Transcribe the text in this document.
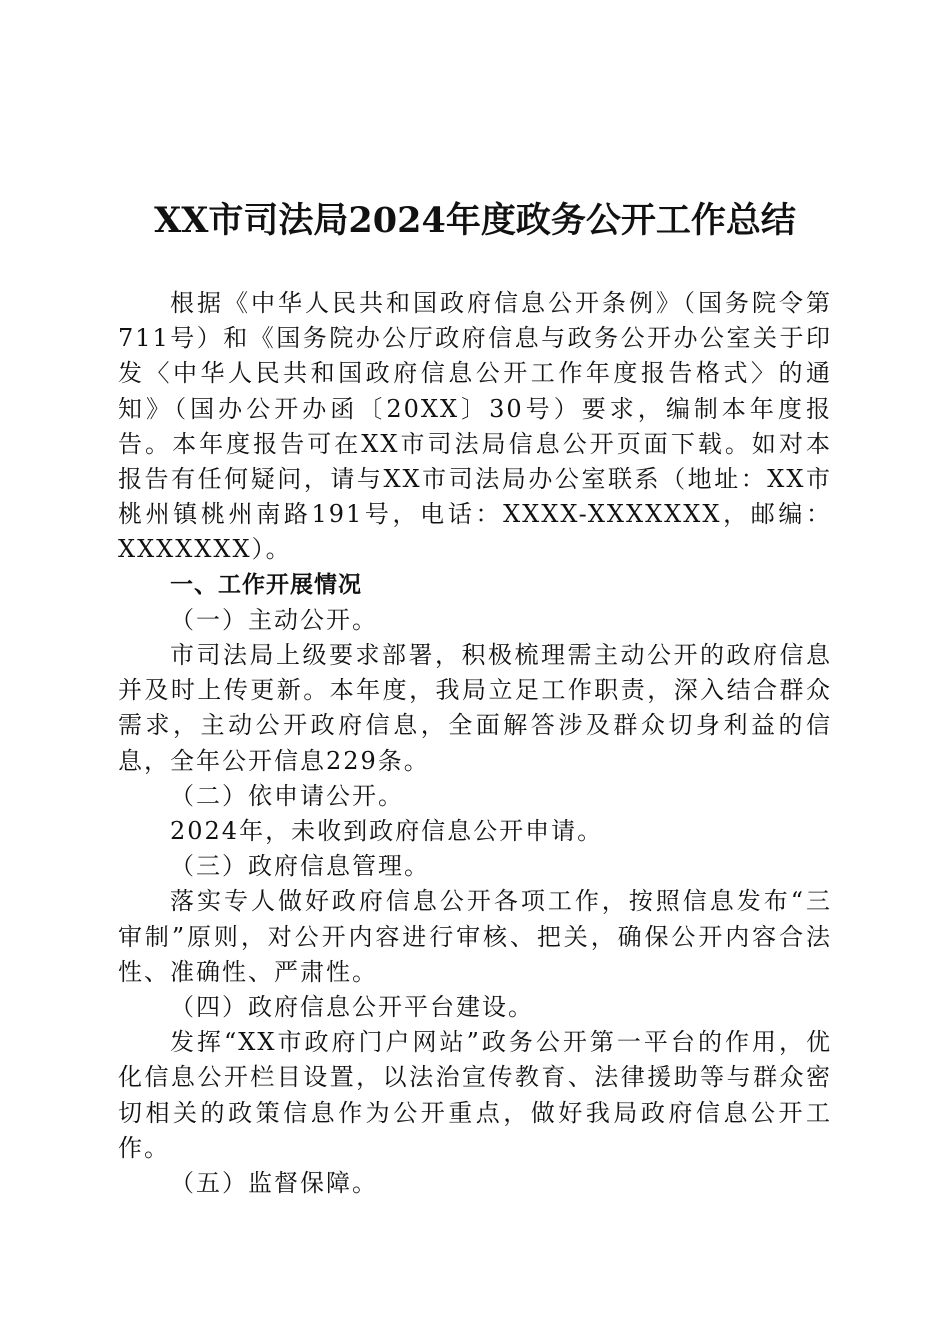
XX市司法局2024年度政务公开工作总结

根据《中华人民共和国政府信息公开条例》（国务院令第711号）和《国务院办公厅政府信息与政务公开办公室关于印发〈中华人民共和国政府信息公开工作年度报告格式〉的通知》（国办公开办函〔20XX〕30号）要求，编制本年度报告。本年度报告可在XX市司法局信息公开页面下载。如对本报告有任何疑问，请与XX市司法局办公室联系（地址：XX市桃州镇桃州南路191号，电话：XXXX-XXXXXXX，邮编：XXXXXXX）。

一、工作开展情况

（一）主动公开。

市司法局上级要求部署，积极梳理需主动公开的政府信息并及时上传更新。本年度，我局立足工作职责，深入结合群众需求，主动公开政府信息，全面解答涉及群众切身利益的信息，全年公开信息229条。

（二）依申请公开。

2024年，未收到政府信息公开申请。

（三）政府信息管理。

落实专人做好政府信息公开各项工作，按照信息发布“三审制”原则，对公开内容进行审核、把关，确保公开内容合法性、准确性、严肃性。

（四）政府信息公开平台建设。

发挥“XX市政府门户网站”政务公开第一平台的作用，优化信息公开栏目设置，以法治宣传教育、法律援助等与群众密切相关的政策信息作为公开重点，做好我局政府信息公开工作。

（五）监督保障。
